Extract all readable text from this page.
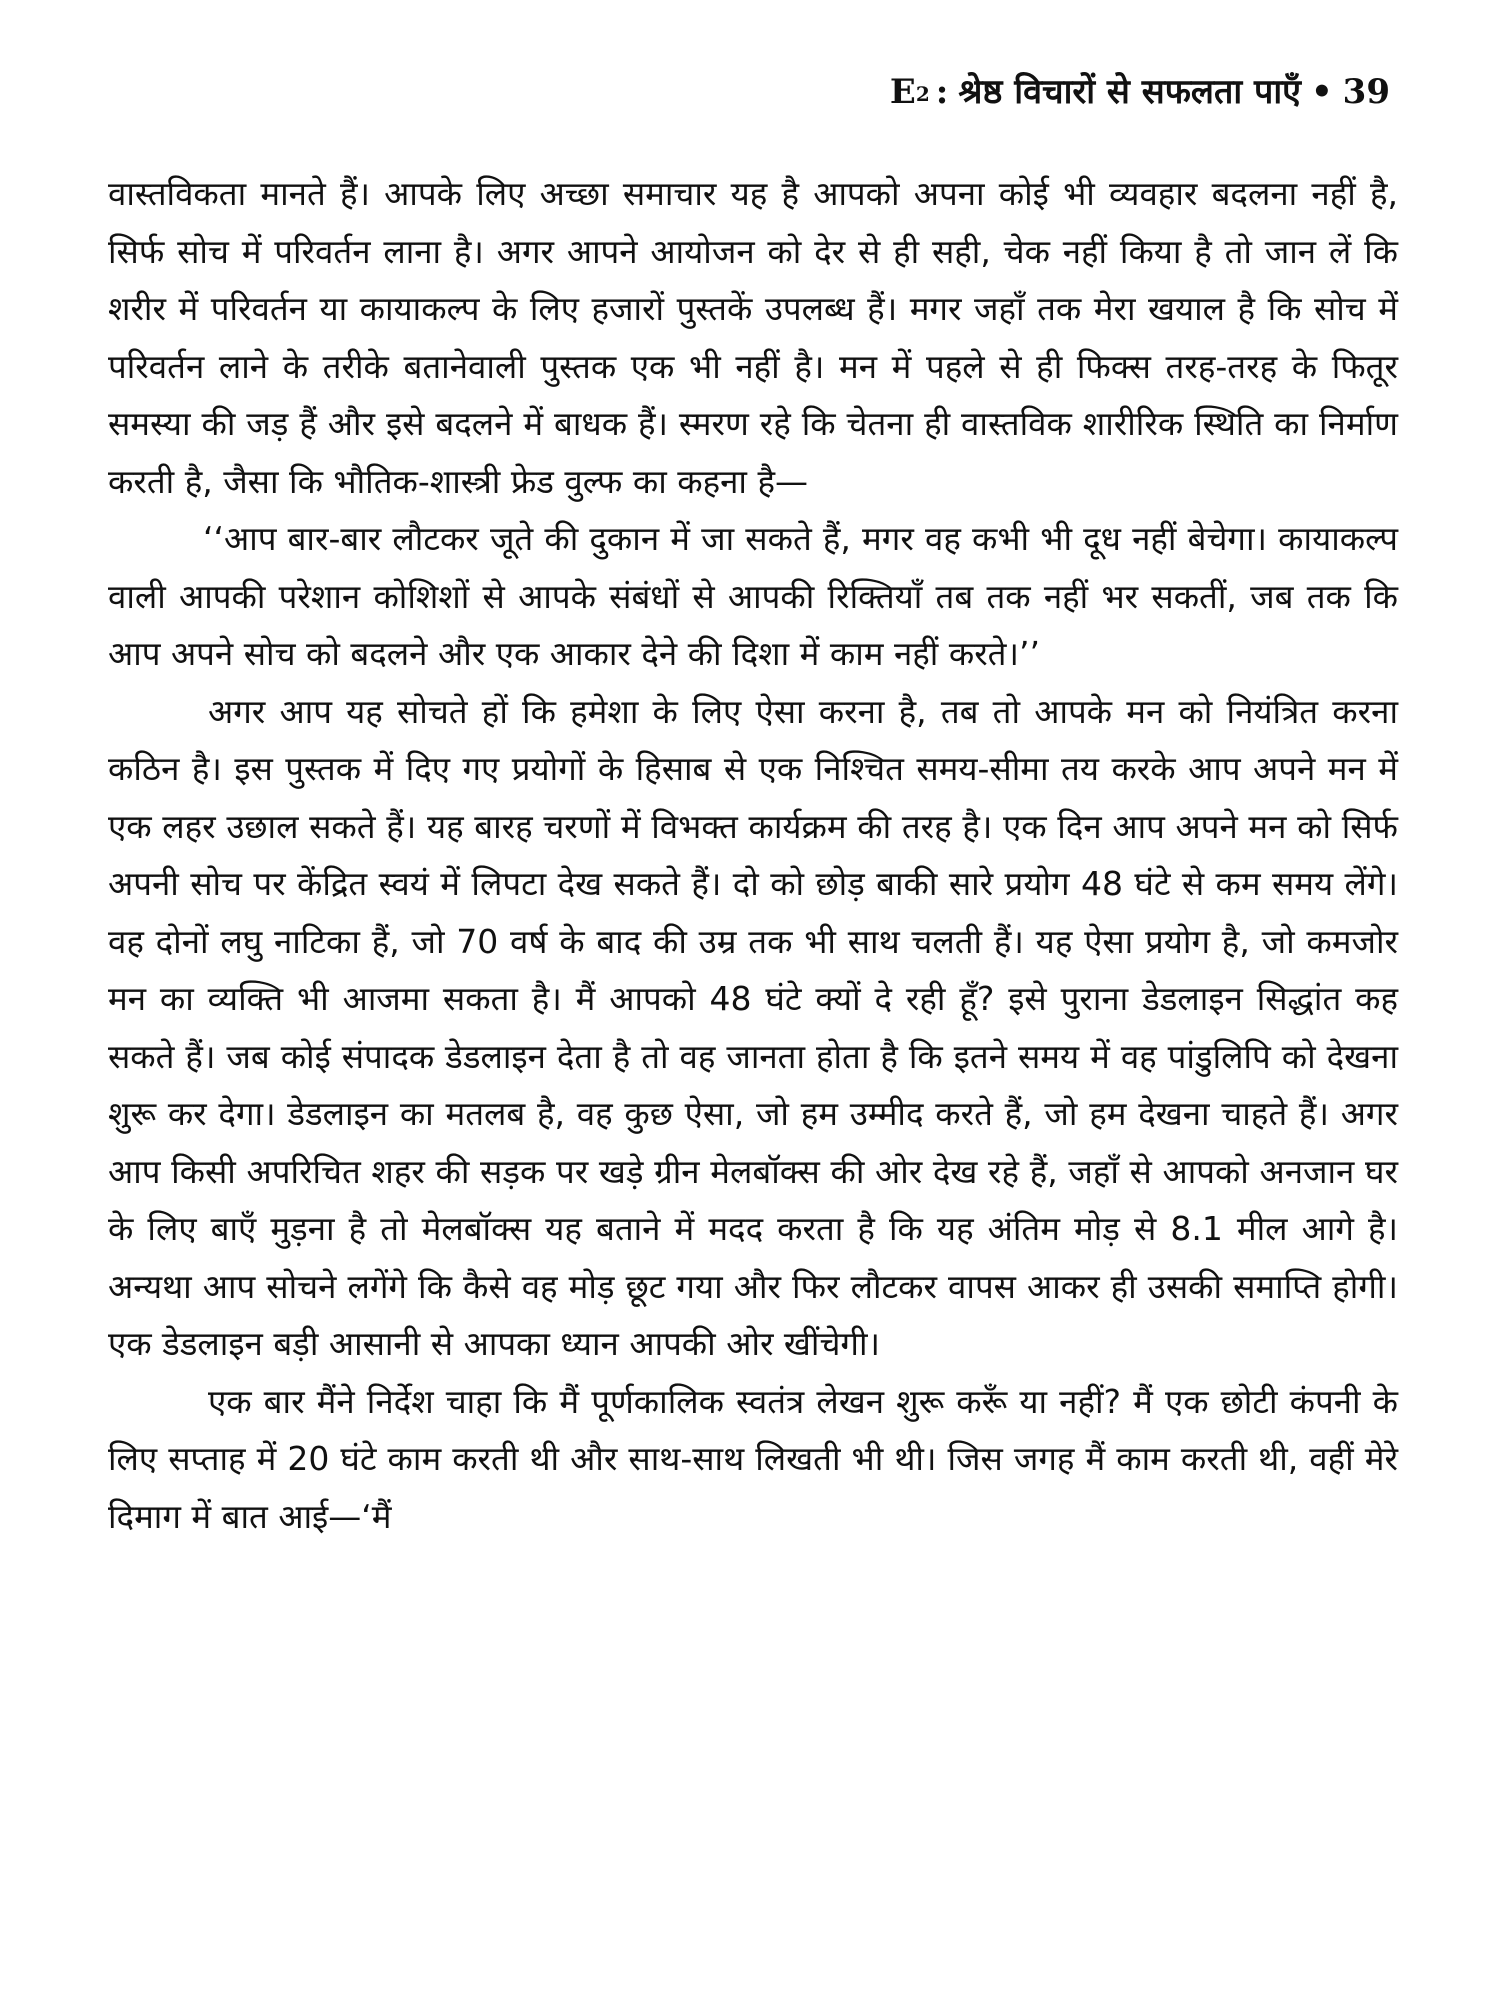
$E^2$ : श्रेष्ठ विचारों से सफलता पाएँ • 39

वास्तविकता मानते हैं। आपके लिए अच्छा समाचार यह है आपको अपना कोई भी व्यवहार बदलना नहीं है, सिर्फ सोच में परिवर्तन लाना है। अगर आपने आयोजन को देर से ही सही, चेक नहीं किया है तो जान लें कि शरीर में परिवर्तन या कायाकल्प के लिए हजारों पुस्तकें उपलब्ध हैं। मगर जहाँ तक मेरा खयाल है कि सोच में परिवर्तन लाने के तरीके बतानेवाली पुस्तक एक भी नहीं है। मन में पहले से ही फिक्स तरह-तरह के फितूर समस्या की जड़ हैं और इसे बदलने में बाधक हैं। स्मरण रहे कि चेतना ही वास्तविक शारीरिक स्थिति का निर्माण करती है, जैसा कि भौतिक-शास्त्री फ्रेड वुल्फ का कहना है—

‘‘आप बार-बार लौटकर जूते की दुकान में जा सकते हैं, मगर वह कभी भी दूध नहीं बेचेगा। कायाकल्प वाली आपकी परेशान कोशिशों से आपके संबंधों से आपकी रिक्तियाँ तब तक नहीं भर सकतीं, जब तक कि आप अपने सोच को बदलने और एक आकार देने की दिशा में काम नहीं करते।’’

अगर आप यह सोचते हों कि हमेशा के लिए ऐसा करना है, तब तो आपके मन को नियंत्रित करना कठिन है। इस पुस्तक में दिए गए प्रयोगों के हिसाब से एक निश्चित समय-सीमा तय करके आप अपने मन में एक लहर उछाल सकते हैं। यह बारह चरणों में विभक्त कार्यक्रम की तरह है। एक दिन आप अपने मन को सिर्फ अपनी सोच पर केंद्रित स्वयं में लिपटा देख सकते हैं। दो को छोड़ बाकी सारे प्रयोग 48 घंटे से कम समय लेंगे। वह दोनों लघु नाटिका हैं, जो 70 वर्ष के बाद की उम्र तक भी साथ चलती हैं। यह ऐसा प्रयोग है, जो कमजोर मन का व्यक्ति भी आजमा सकता है। मैं आपको 48 घंटे क्यों दे रही हूँ? इसे पुराना डेडलाइन सिद्धांत कह सकते हैं। जब कोई संपादक डेडलाइन देता है तो वह जानता होता है कि इतने समय में वह पांडुलिपि को देखना शुरू कर देगा। डेडलाइन का मतलब है, वह कुछ ऐसा, जो हम उम्मीद करते हैं, जो हम देखना चाहते हैं। अगर आप किसी अपरिचित शहर की सड़क पर खड़े ग्रीन मेलबॉक्स की ओर देख रहे हैं, जहाँ से आपको अनजान घर के लिए बाएँ मुड़ना है तो मेलबॉक्स यह बताने में मदद करता है कि यह अंतिम मोड़ से 8.1 मील आगे है। अन्यथा आप सोचने लगेंगे कि कैसे वह मोड़ छूट गया और फिर लौटकर वापस आकर ही उसकी समाप्ति होगी। एक डेडलाइन बड़ी आसानी से आपका ध्यान आपकी ओर खींचेगी।

एक बार मैंने निर्देश चाहा कि मैं पूर्णकालिक स्वतंत्र लेखन शुरू करूँ या नहीं? मैं एक छोटी कंपनी के लिए सप्ताह में 20 घंटे काम करती थी और साथ-साथ लिखती भी थी। जिस जगह मैं काम करती थी, वहीं मेरे दिमाग में बात आई—‘मैं
